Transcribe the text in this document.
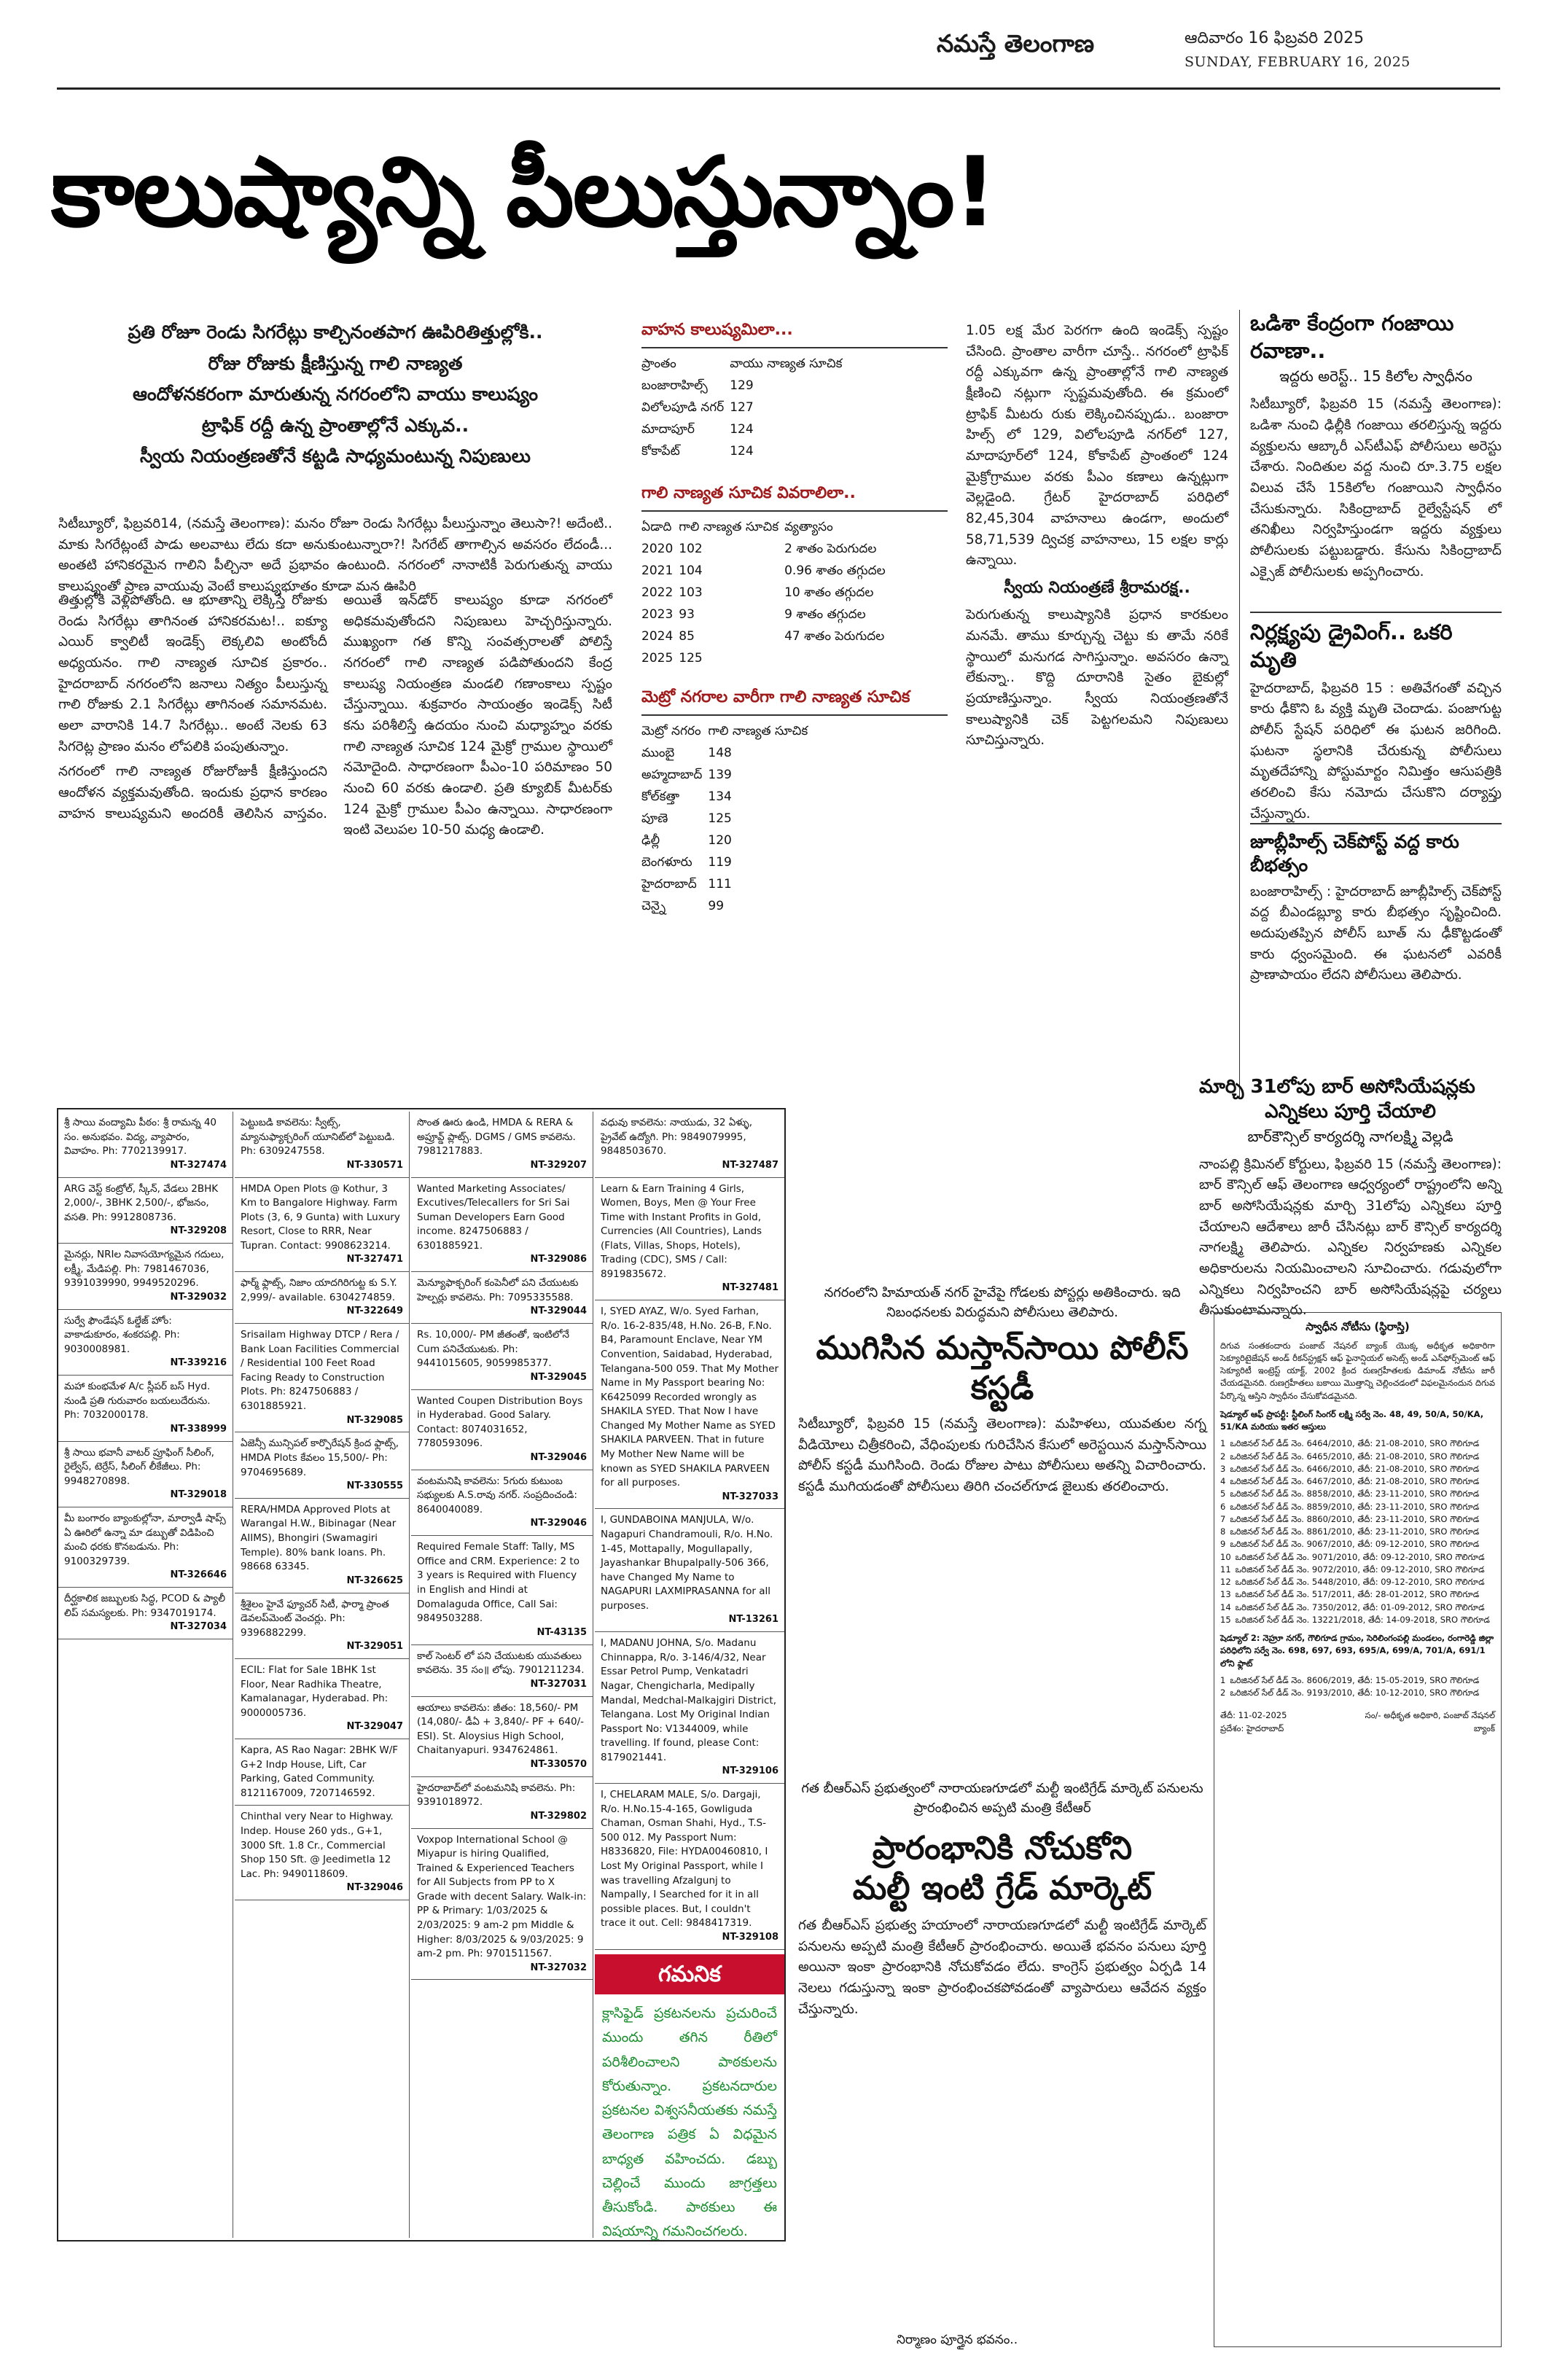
నమస్తే తెలంగాణ	ఆదివారం 16 ఫిబ్రవరి 2025
SUNDAY, FEBRUARY 16, 2025
కాలుష్యాన్ని పీలుస్తున్నాం!
ప్రతి రోజూ రెండు సిగరేట్లు కాల్చినంతపాగ ఊపిరితిత్తుల్లోకి..
రోజు రోజుకు క్షీణిస్తున్న గాలి నాణ్యత
ఆందోళనకరంగా మారుతున్న నగరంలోని వాయు కాలుష్యం
ట్రాఫిక్ రద్దీ ఉన్న ప్రాంతాల్లోనే ఎక్కువ..
స్వీయ నియంత్రణతోనే కట్టడి సాధ్యమంటున్న నిపుణులు
సిటీబ్యూరో, ఫిబ్రవరి14, (నమస్తే తెలంగాణ): మనం రోజూ రెండు సిగరేట్లు పీలుస్తున్నాం తెలుసా?! అదేంటి.. మాకు సిగరేట్లంటే పాడు అలవాటు లేదు కదా అనుకుంటున్నారా?! సిగరేట్ తాగాల్సిన అవసరం లేదండీ... అంతటి హానికరమైన గాలిని పీల్చినా అదే ప్రభావం ఉంటుంది. నగరంలో నానాటికీ పెరుగుతున్న వాయు కాలుష్యంతో ప్రాణ వాయువు వెంటే కాలుష్యభూతం కూడా మన ఊపిరి

తిత్తుల్లోకి వెళ్లిపోతోంది. ఆ భూతాన్ని లెక్కిస్తే రోజుకు రెండు సిగరేట్లు తాగినంత హానికరమట!.. ఐక్యూ ఎయిర్ క్వాలిటీ ఇండెక్స్ లెక్కలివి అంటోందీ అధ్యయనం. గాలి నాణ్యత సూచిక ప్రకారం.. హైదరాబాద్ నగరంలోని జనాలు నిత్యం పీలుస్తున్న గాలి రోజుకు 2.1 సిగరేట్లు తాగినంత సమానమట. అలా వారానికి 14.7 సిగరేట్లు.. అంటే నెలకు 63 సిగరెట్ల ప్రాణం మనం లోపలికి పంపుతున్నాం.

నగరంలో గాలి నాణ్యత రోజురోజుకీ క్షీణిస్తుందని ఆందోళన వ్యక్తమవుతోంది. ఇందుకు ప్రధాన కారణం వాహన కాలుష్యమని అందరికీ తెలిసిన వాస్తవం. అయితే ఇన్‌డోర్ కాలుష్యం కూడా నగరంలో అధికమవుతోందని నిపుణులు హెచ్చరిస్తున్నారు. ముఖ్యంగా గత కొన్ని సంవత్సరాలతో పోలిస్తే నగరంలో గాలి నాణ్యత పడిపోతుందని కేంద్ర కాలుష్య నియంత్రణ మండలి గణాంకాలు స్పష్టం చేస్తున్నాయి. శుక్రవారం సాయంత్రం ఇండెక్స్ సిటీ కను పరిశీలిస్తే ఉదయం నుంచి మధ్యాహ్నం వరకు గాలి నాణ్యత సూచిక 124 మైక్రో గ్రాముల స్థాయిలో నమోదైంది. సాధారణంగా పీఎం-10 పరిమాణం 50 నుంచి 60 వరకు ఉండాలి. ప్రతి క్యూబిక్ మీటర్‌కు 124 మైక్రో గ్రాముల పీఎం ఉన్నాయి. సాధారణంగా ఇంటి వెలుపల 10-50 మధ్య ఉండాలి.

వాహన కాలుష్యమిలా...
ప్రాంతం	వాయు నాణ్యత సూచిక
బంజారాహిల్స్	129
విలోలపూడి నగర్	127
మాదాపూర్	124
కోకాపేట్	124
గాలి నాణ్యత సూచిక వివరాలిలా..
ఏడాది	గాలి నాణ్యత సూచిక	వ్యత్యాసం
2020	102	2 శాతం పెరుగుదల
2021	104	0.96 శాతం తగ్గుదల
2022	103	10 శాతం తగ్గుదల
2023	93	9 శాతం తగ్గుదల
2024	85	47 శాతం పెరుగుదల
2025	125	
మెట్రో నగరాల వారీగా గాలి నాణ్యత సూచిక
మెట్రో నగరం	గాలి నాణ్యత సూచిక
ముంబై	148
అహ్మదాబాద్	139
కోల్‌కత్తా	134
పూణె	125
ఢిల్లీ	120
బెంగళూరు	119
హైదరాబాద్	111
చెన్నై	99

1.05 లక్ష మేర పెరగగా ఉంది ఇండెక్స్ స్పష్టం చేసింది. ప్రాంతాల వారీగా చూస్తే.. నగరంలో ట్రాఫిక్ రద్దీ ఎక్కువగా ఉన్న ప్రాంతాల్లోనే గాలి నాణ్యత క్షీణించి నట్లుగా స్పష్టమవుతోంది. ఈ క్రమంలో ట్రాఫిక్ మీటరు రుకు లెక్కించినప్పుడు.. బంజారా హిల్స్ లో 129, విలోలపూడి నగర్‌లో 127, మాదాపూర్‌లో 124, కోకాపేట్ ప్రాంతంలో 124 మైక్రోగ్రాముల వరకు పీఎం కణాలు ఉన్నట్లుగా వెల్లడైంది. గ్రేటర్ హైదరాబాద్ పరిధిలో 82,45,304 వాహనాలు ఉండగా, అందులో 58,71,539 ద్విచక్ర వాహనాలు, 15 లక్షల కార్లు ఉన్నాయి.

స్వీయ నియంత్రణే శ్రీరామరక్ష..

పెరుగుతున్న కాలుష్యానికి ప్రధాన కారకులం మనమే. తాము కూర్చున్న చెట్టు కు తామే నరికే స్థాయిలో మనుగడ సాగిస్తున్నాం. అవసరం ఉన్నా లేకున్నా.. కొద్ది దూరానికి సైతం బైకుల్లో ప్రయాణిస్తున్నాం. స్వీయ నియంత్రణతోనే కాలుష్యానికి చెక్ పెట్టగలమని నిపుణులు సూచిస్తున్నారు.

ఒడిశా కేంద్రంగా గంజాయి రవాణా..
ఇద్దరు అరెస్ట్.. 15 కిలోల స్వాధీనం
సిటీబ్యూరో, ఫిబ్రవరి 15 (నమస్తే తెలంగాణ): ఒడిశా నుంచి ఢిల్లీకి గంజాయి తరలిస్తున్న ఇద్దరు వ్యక్తులను ఆబ్కారీ ఎస్‌టీఎఫ్ పోలీసులు అరెస్టు చేశారు. నిందితుల వద్ద నుంచి రూ.3.75 లక్షల విలువ చేసే 15కిలోల గంజాయిని స్వాధీనం చేసుకున్నారు. సికింద్రాబాద్ రైల్వేస్టేషన్ లో తనిఖీలు నిర్వహిస్తుండగా ఇద్దరు వ్యక్తులు పోలీసులకు పట్టుబడ్డారు. కేసును సికింద్రాబాద్ ఎక్సైజ్ పోలీసులకు అప్పగించారు.
నిర్లక్ష్యపు డ్రైవింగ్.. ఒకరి మృతి
హైదరాబాద్, ఫిబ్రవరి 15 : అతివేగంతో వచ్చిన కారు ఢీకొని ఓ వ్యక్తి మృతి చెందాడు. పంజాగుట్ట పోలీస్ స్టేషన్ పరిధిలో ఈ ఘటన జరిగింది. ఘటనా స్థలానికి చేరుకున్న పోలీసులు మృతదేహాన్ని పోస్టుమార్టం నిమిత్తం ఆసుపత్రికి తరలించి కేసు నమోదు చేసుకొని దర్యాప్తు చేస్తున్నారు.
జూబ్లీహిల్స్ చెక్‌పోస్ట్ వద్ద కారు బీభత్సం
బంజారాహిల్స్ : హైదరాబాద్ జూబ్లీహిల్స్ చెక్‌పోస్ట్ వద్ద బీఎండబ్ల్యూ కారు బీభత్సం సృష్టించింది. అదుపుతప్పిన పోలీస్ బూత్ ను ఢీకొట్టడంతో కారు ధ్వంసమైంది. ఈ ఘటనలో ఎవరికీ ప్రాణాపాయం లేదని పోలీసులు తెలిపారు.
మార్చి 31లోపు బార్ అసోసియేషన్లకు
ఎన్నికలు పూర్తి చేయాలి
బార్‌కౌన్సిల్ కార్యదర్శి నాగలక్ష్మి వెల్లడి
నాంపల్లి క్రిమినల్ కోర్టులు, ఫిబ్రవరి 15 (నమస్తే తెలంగాణ): బార్ కౌన్సిల్ ఆఫ్ తెలంగాణ ఆధ్వర్యంలో రాష్ట్రంలోని అన్ని బార్ అసోసియేషన్లకు మార్చి 31లోపు ఎన్నికలు పూర్తి చేయాలని ఆదేశాలు జారీ చేసినట్లు బార్ కౌన్సిల్ కార్యదర్శి నాగలక్ష్మి తెలిపారు. ఎన్నికల నిర్వహణకు ఎన్నికల అధికారులను నియమించాలని సూచించారు. గడువులోగా ఎన్నికలు నిర్వహించని బార్ అసోసియేషన్లపై చర్యలు తీసుకుంటామన్నారు.
శ్రీ సాయి వంద్యామి పీఠం: శ్రీ రామన్న 40 సం. అనుభవం. విద్య, వ్యాపారం, వివాహం. Ph: 7702139917.
NT-327474
ARG వెస్ట్ కంట్రోల్, స్కీన్, వేడలు 2BHK 2,000/-, 3BHK 2,500/-, భోజనం, వసతి. Ph: 9912808736.
NT-329208
మైనర్లు, NRIల నివాసయోగ్యమైన గదులు, లక్ష్మీ, మేడిపల్లి. Ph: 7981467036, 9391039990, 9949520296.
NT-329032
సుర్వే ఫౌండేషన్ ఓల్డేజ్ హోం: వాకాడుకూరం, శంకరపల్లి. Ph: 9030008981.
NT-339216
మహా కుంభమేళ A/c స్లీపర్ బస్ Hyd. నుండి ప్రతి గురువారం బయలుదేరును. Ph: 7032000178.
NT-338999
శ్రీ సాయి భవానీ వాటర్ ప్రూఫింగ్ సీలింగ్, రైల్వేస్, టెర్రేస్, సీలింగ్ లీకేజీలు. Ph: 9948270898.
NT-329018
మీ బంగారం బ్యాంకుల్లోనా, మార్వాడీ షాప్స్ ఏ ఊరిలో ఉన్నా మా డబ్బుతో విడిపించి మంచి ధరకు కొనబడును. Ph: 9100329739.
NT-326646
దీర్ఘకాలిక జబ్బులకు సిద్ధ, PCOD & ప్యాలీ లిప్ సమస్యలకు. Ph: 9347019174.
NT-327034
పెట్టుబడి కావలెను: స్వీట్స్, మ్యానుఫ్యాక్చరింగ్ యూనిట్‌లో పెట్టుబడి. Ph: 6309247558.
NT-330571
HMDA Open Plots @ Kothur, 3 Km to Bangalore Highway. Farm Plots (3, 6, 9 Gunta) with Luxury Resort, Close to RRR, Near Tupran. Contact: 9908623214.
NT-327471
ఫార్మ్ ఫ్లాట్స్, నిజాం యాదగిరిగుట్ట కు S.Y. 2,999/- available. 6304274859.
NT-322649
Srisailam Highway DTCP / Rera / Bank Loan Facilities Commercial / Residential 100 Feet Road Facing Ready to Construction Plots. Ph: 8247506883 / 6301885921.
NT-329085
ఏజెన్సీ మున్సిపల్ కార్పొరేషన్ క్రింద ఫ్లాట్స్, HMDA Plots కేవలం 15,500/- Ph: 9704695689.
NT-330555
RERA/HMDA Approved Plots at Warangal H.W., Bibinagar (Near AIIMS), Bhongiri (Swamagiri Temple). 80% bank loans. Ph. 98668 63345.
NT-326625
శ్రీశైలం హైవే ఫ్యూచర్ సిటీ, ఫార్మా ప్రాంత డెవలప్‌మెంట్ వెంచర్లు. Ph: 9396882299.
NT-329051
ECIL: Flat for Sale 1BHK 1st Floor, Near Radhika Theatre, Kamalanagar, Hyderabad. Ph: 9000005736.
NT-329047
Kapra, AS Rao Nagar: 2BHK W/F G+2 Indp House, Lift, Car Parking, Gated Community. 8121167009, 7207146592.
Chinthal very Near to Highway. Indep. House 260 yds., G+1, 3000 Sft. 1.8 Cr., Commercial Shop 150 Sft. @ Jeedimetla 12 Lac. Ph: 9490118609.
NT-329046
సొంత ఊరు ఉండి, HMDA & RERA & అప్రూవ్డ్ ప్లాట్స్. DGMS / GMS కావలెను. 7981217883.
NT-329207
Wanted Marketing Associates/ Excutives/Telecallers for Sri Sai Suman Developers Earn Good income. 8247506883 / 6301885921.
NT-329086
మెన్యూఫాక్చరింగ్ కంపెనీలో పని చేయుటకు హెల్పర్లు కావలెను. Ph: 7095335588.
NT-329044
Rs. 10,000/- PM జీతంతో, ఇంటిలోనే Cum పనిచేయుటకు. Ph: 9441015605, 9059985377.
NT-329045
Wanted Coupen Distribution Boys in Hyderabad. Good Salary. Contact: 8074031652, 7780593096.
NT-329046
వంటమనిషి కావలెను: 5గురు కుటుంబ సభ్యులకు A.S.రావు నగర్. సంప్రదించండి: 8640040089.
NT-329046
Required Female Staff: Tally, MS Office and CRM. Experience: 2 to 3 years is Required with Fluency in English and Hindi at Domalaguda Office, Call Sai: 9849503288.
NT-43135
కాల్ సెంటర్ లో పని చేయుటకు యువతులు కావలెను. 35 సం॥ లోపు. 7901211234.
NT-327031
ఆయాలు కావలెను: జీతం: 18,560/- PM (14,080/- డీఏ + 3,840/- PF + 640/- ESI). St. Aloysius High School, Chaitanyapuri. 9347624861.
NT-330570
హైదరాబాద్‌లో వంటమనిషి కావలెను. Ph: 9391018972.
NT-329802
Voxpop International School @ Miyapur is hiring Qualified, Trained & Experienced Teachers for All Subjects from PP to X Grade with decent Salary. Walk-in: PP & Primary: 1/03/2025 & 2/03/2025: 9 am-2 pm Middle & Higher: 8/03/2025 & 9/03/2025: 9 am-2 pm. Ph: 9701511567.
NT-327032
వధువు కావలెను: నాయుడు, 32 ఏళ్ళు, ప్రైవేట్ ఉద్యోగి. Ph: 9849079995, 9848503670.
NT-327487
Learn & Earn Training 4 Girls, Women, Boys, Men @ Your Free Time with Instant Profits in Gold, Currencies (All Countries), Lands (Flats, Villas, Shops, Hotels), Trading (CDC), SMS / Call: 8919835672.
NT-327481
I, SYED AYAZ, W/o. Syed Farhan, R/o. 16-2-835/48, H.No. 26-B, F.No. B4, Paramount Enclave, Near YM Convention, Saidabad, Hyderabad, Telangana-500 059. That My Mother Name in My Passport bearing No: K6425099 Recorded wrongly as SHAKILA SYED. That Now I have Changed My Mother Name as SYED SHAKILA PARVEEN. That in future My Mother New Name will be known as SYED SHAKILA PARVEEN for all purposes.
NT-327033
I, GUNDABOINA MANJULA, W/o. Nagapuri Chandramouli, R/o. H.No. 1-45, Mottapally, Mogullapally, Jayashankar Bhupalpally-506 366, have Changed My Name to NAGAPURI LAXMIPRASANNA for all purposes.
NT-13261
I, MADANU JOHNA, S/o. Madanu Chinnappa, R/o. 3-146/4/32, Near Essar Petrol Pump, Venkatadri Nagar, Chengicharla, Medipally Mandal, Medchal-Malkajgiri District, Telangana. Lost My Original Indian Passport No: V1344009, while travelling. If found, please Cont: 8179021441.
NT-329106
I, CHELARAM MALE, S/o. Dargaji, R/o. H.No.15-4-165, Gowliguda Chaman, Osman Shahi, Hyd., T.S-500 012. My Passport Num: H8336820, File: HYDA00460810, I Lost My Original Passport, while I was travelling Afzalgunj to Nampally, I Searched for it in all possible places. But, I couldn't trace it out. Cell: 9848417319.
NT-329108
గమనిక
క్లాసిఫైడ్ ప్రకటనలను ప్రచురించే ముందు తగిన రీతిలో పరిశీలించాలని పాఠకులను కోరుతున్నాం. ప్రకటనదారుల ప్రకటనల విశ్వసనీయతకు నమస్తే తెలంగాణ పత్రిక ఏ విధమైన బాధ్యత వహించదు. డబ్బు చెల్లించే ముందు జాగ్రత్తలు తీసుకోండి. పాఠకులు ఈ విషయాన్ని గమనించగలరు.
నగరంలోని హిమాయత్ నగర్ హైవేపై గోడలకు పోస్టర్లు అతికించారు. ఇది నిబంధనలకు విరుద్ధమని పోలీసులు తెలిపారు.
ముగిసిన మస్తాన్‌సాయి పోలీస్ కస్టడీ
సిటీబ్యూరో, ఫిబ్రవరి 15 (నమస్తే తెలంగాణ): మహిళలు, యువతుల నగ్న వీడియోలు చిత్రీకరించి, వేధింపులకు గురిచేసిన కేసులో అరెస్టయిన మస్తాన్‌సాయి పోలీస్ కస్టడీ ముగిసింది. రెండు రోజుల పాటు పోలీసులు అతన్ని విచారించారు. కస్టడీ ముగియడంతో పోలీసులు తిరిగి చంచల్‌గూడ జైలుకు తరలించారు.
గత బీఆర్‌ఎస్ ప్రభుత్వంలో నారాయణగూడలో మల్టీ ఇంటిగ్రేడ్ మార్కెట్ పనులను ప్రారంభించిన అప్పటి మంత్రి కేటీఆర్
ప్రారంభానికి నోచుకోని
మల్టీ ఇంటి గ్రేడ్ మార్కెట్
గత బీఆర్‌ఎస్ ప్రభుత్వ హయాంలో నారాయణగూడలో మల్టీ ఇంటిగ్రేడ్ మార్కెట్ పనులను అప్పటి మంత్రి కేటీఆర్ ప్రారంభించారు. అయితే భవనం పనులు పూర్తి అయినా ఇంకా ప్రారంభానికి నోచుకోవడం లేదు. కాంగ్రెస్ ప్రభుత్వం ఏర్పడి 14 నెలలు గడుస్తున్నా ఇంకా ప్రారంభించకపోవడంతో వ్యాపారులు ఆవేదన వ్యక్తం చేస్తున్నారు.
స్వాధీన నోటీసు (స్థిరాస్తి)
దిగువ సంతకందారు పంజాబ్ నేషనల్ బ్యాంక్ యొక్క అధీకృత అధికారిగా సెక్యూరిటైజేషన్ అండ్ రీకన్‌స్ట్రక్షన్ ఆఫ్ ఫైనాన్షియల్ అసెట్స్ అండ్ ఎన్‌ఫోర్స్‌మెంట్ ఆఫ్ సెక్యూరిటీ ఇంట్రెస్ట్ యాక్ట్, 2002 క్రింద రుణగ్రహీతలకు డిమాండ్ నోటీసు జారీ చేయడమైనది. రుణగ్రహీతలు బకాయి మొత్తాన్ని చెల్లించడంలో విఫలమైనందున దిగువ పేర్కొన్న ఆస్తిని స్వాధీనం చేసుకోవడమైనది.
షెడ్యూల్ ఆఫ్ ప్రాపర్టీ: స్టీలింగ్ సింగర్ లక్ష్మి సర్వే నెం. 48, 49, 50/A, 50/KA, 51/KA మరియు ఇతర ఆస్తులు
1 ఒరిజినల్ సేల్ డీడ్ నెం. 6464/2010, తేదీ: 21-08-2010, SRO గౌలిగూడ
2 ఒరిజినల్ సేల్ డీడ్ నెం. 6465/2010, తేదీ: 21-08-2010, SRO గౌలిగూడ
3 ఒరిజినల్ సేల్ డీడ్ నెం. 6466/2010, తేదీ: 21-08-2010, SRO గౌలిగూడ
4 ఒరిజినల్ సేల్ డీడ్ నెం. 6467/2010, తేదీ: 21-08-2010, SRO గౌలిగూడ
5 ఒరిజినల్ సేల్ డీడ్ నెం. 8858/2010, తేదీ: 23-11-2010, SRO గౌలిగూడ
6 ఒరిజినల్ సేల్ డీడ్ నెం. 8859/2010, తేదీ: 23-11-2010, SRO గౌలిగూడ
7 ఒరిజినల్ సేల్ డీడ్ నెం. 8860/2010, తేదీ: 23-11-2010, SRO గౌలిగూడ
8 ఒరిజినల్ సేల్ డీడ్ నెం. 8861/2010, తేదీ: 23-11-2010, SRO గౌలిగూడ
9 ఒరిజినల్ సేల్ డీడ్ నెం. 9067/2010, తేదీ: 09-12-2010, SRO గౌలిగూడ
10 ఒరిజినల్ సేల్ డీడ్ నెం. 9071/2010, తేదీ: 09-12-2010, SRO గౌలిగూడ
11 ఒరిజినల్ సేల్ డీడ్ నెం. 9072/2010, తేదీ: 09-12-2010, SRO గౌలిగూడ
12 ఒరిజినల్ సేల్ డీడ్ నెం. 5448/2010, తేదీ: 09-12-2010, SRO గౌలిగూడ
13 ఒరిజినల్ సేల్ డీడ్ నెం. 517/2011, తేదీ: 28-01-2012, SRO గౌలిగూడ
14 ఒరిజినల్ సేల్ డీడ్ నెం. 7350/2012, తేదీ: 01-09-2012, SRO గౌలిగూడ
15 ఒరిజినల్ సేల్ డీడ్ నెం. 13221/2018, తేదీ: 14-09-2018, SRO గౌలిగూడ
షెడ్యూల్ 2: నెహ్రూ నగర్, గౌలిగూడ గ్రామం, సెరిలింగంపల్లి మండలం, రంగారెడ్డి జిల్లా పరిధిలోని సర్వే నెం. 698, 697, 693, 695/A, 699/A, 701/A, 691/1 లోని ఫ్లాట్
1 ఒరిజినల్ సేల్ డీడ్ నెం. 8606/2019, తేదీ: 15-05-2019, SRO గౌలిగూడ
2 ఒరిజినల్ సేల్ డీడ్ నెం. 9193/2010, తేదీ: 10-12-2010, SRO గౌలిగూడ
తేదీ: 11-02-2025
ప్రదేశం: హైదరాబాద్
సం/- అధీకృత అధికారి, పంజాబ్ నేషనల్ బ్యాంక్
నిర్మాణం పూర్తైన భవనం..
